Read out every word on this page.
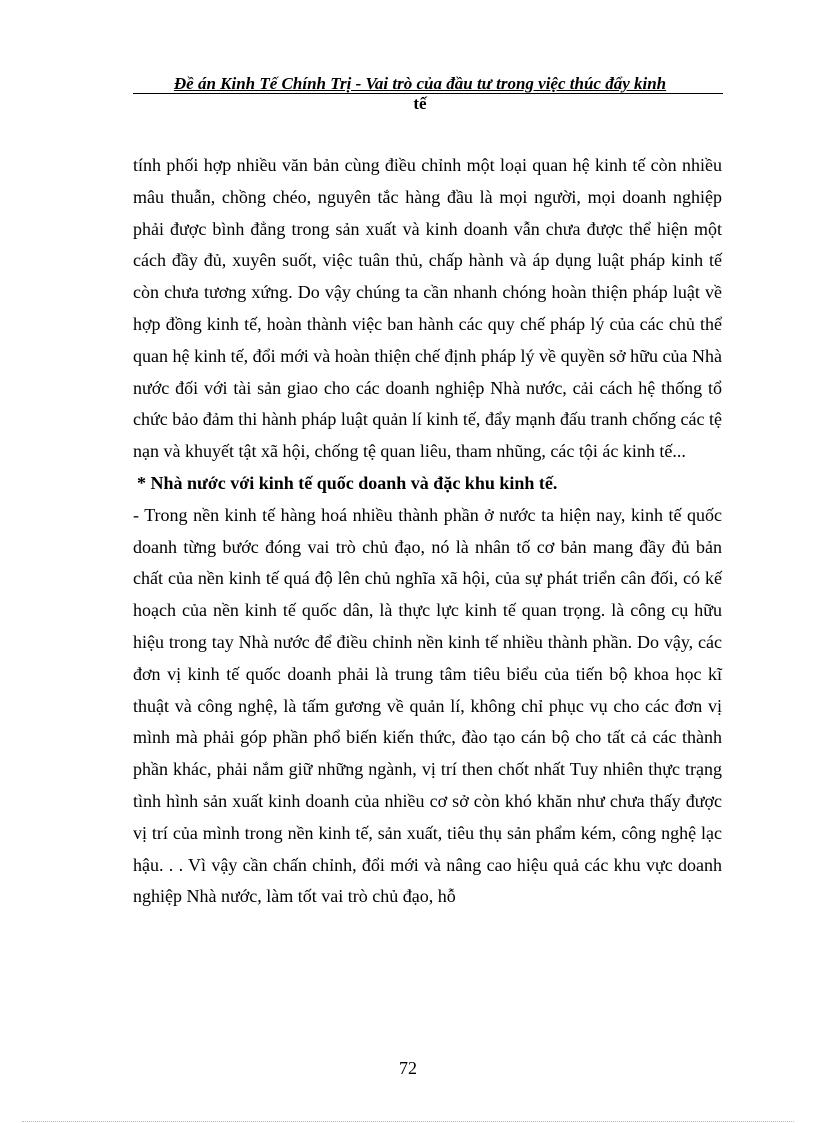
Đề án Kinh Tế Chính Trị - Vai trò của đầu tư trong việc thúc đẩy kinh
tế

tính phối hợp nhiều văn bản cùng điều chỉnh một loại quan hệ kinh tế còn nhiều mâu thuẫn, chồng chéo, nguyên tắc hàng đầu là mọi người, mọi doanh nghiệp phải được bình đẳng trong sản xuất và kinh doanh vẫn chưa được thể hiện một cách đầy đủ, xuyên suốt, việc tuân thủ, chấp hành và áp dụng luật pháp kinh tế còn chưa tương xứng. Do vậy chúng ta cần nhanh chóng hoàn thiện pháp luật về hợp đồng kinh tế, hoàn thành việc ban hành các quy chế pháp lý của các chủ thể quan hệ kinh tế, đổi mới và hoàn thiện chế định pháp lý về quyền sở hữu của Nhà nước đối với tài sản giao cho các doanh nghiệp Nhà nước, cải cách hệ thống tổ chức bảo đảm thi hành pháp luật quản lí kinh tế, đẩy mạnh đấu tranh chống các tệ nạn và khuyết tật xã hội, chống tệ quan liêu, tham nhũng, các tội ác kinh tế...

* Nhà nước với kinh tế quốc doanh và đặc khu kinh tế.

- Trong nền kinh tế hàng hoá nhiều thành phần ở nước ta hiện nay, kinh tế quốc doanh từng bước đóng vai trò chủ đạo, nó là nhân tố cơ bản mang đầy đủ bản chất của nền kinh tế quá độ lên chủ nghĩa xã hội, của sự phát triển cân đối, có kế hoạch của nền kinh tế quốc dân, là thực lực kinh tế quan trọng. là công cụ hữu hiệu trong tay Nhà nước để điều chỉnh nền kinh tế nhiều thành phần. Do vậy, các đơn vị kinh tế quốc doanh phải là trung tâm tiêu biểu của tiến bộ khoa học kĩ thuật và công nghệ, là tấm gương về quản lí, không chỉ phục vụ cho các đơn vị mình mà phải góp phần phổ biến kiến thức, đào tạo cán bộ cho tất cả các thành phần khác, phải nắm giữ những ngành, vị trí then chốt nhất Tuy nhiên thực trạng tình hình sản xuất kinh doanh của nhiều cơ sở còn khó khăn như chưa thấy được vị trí của mình trong nền kinh tế, sản xuất, tiêu thụ sản phẩm kém, công nghệ lạc hậu. . . Vì vậy cần chấn chỉnh, đổi mới và nâng cao hiệu quả các khu vực doanh nghiệp Nhà nước, làm tốt vai trò chủ đạo, hỗ

72
